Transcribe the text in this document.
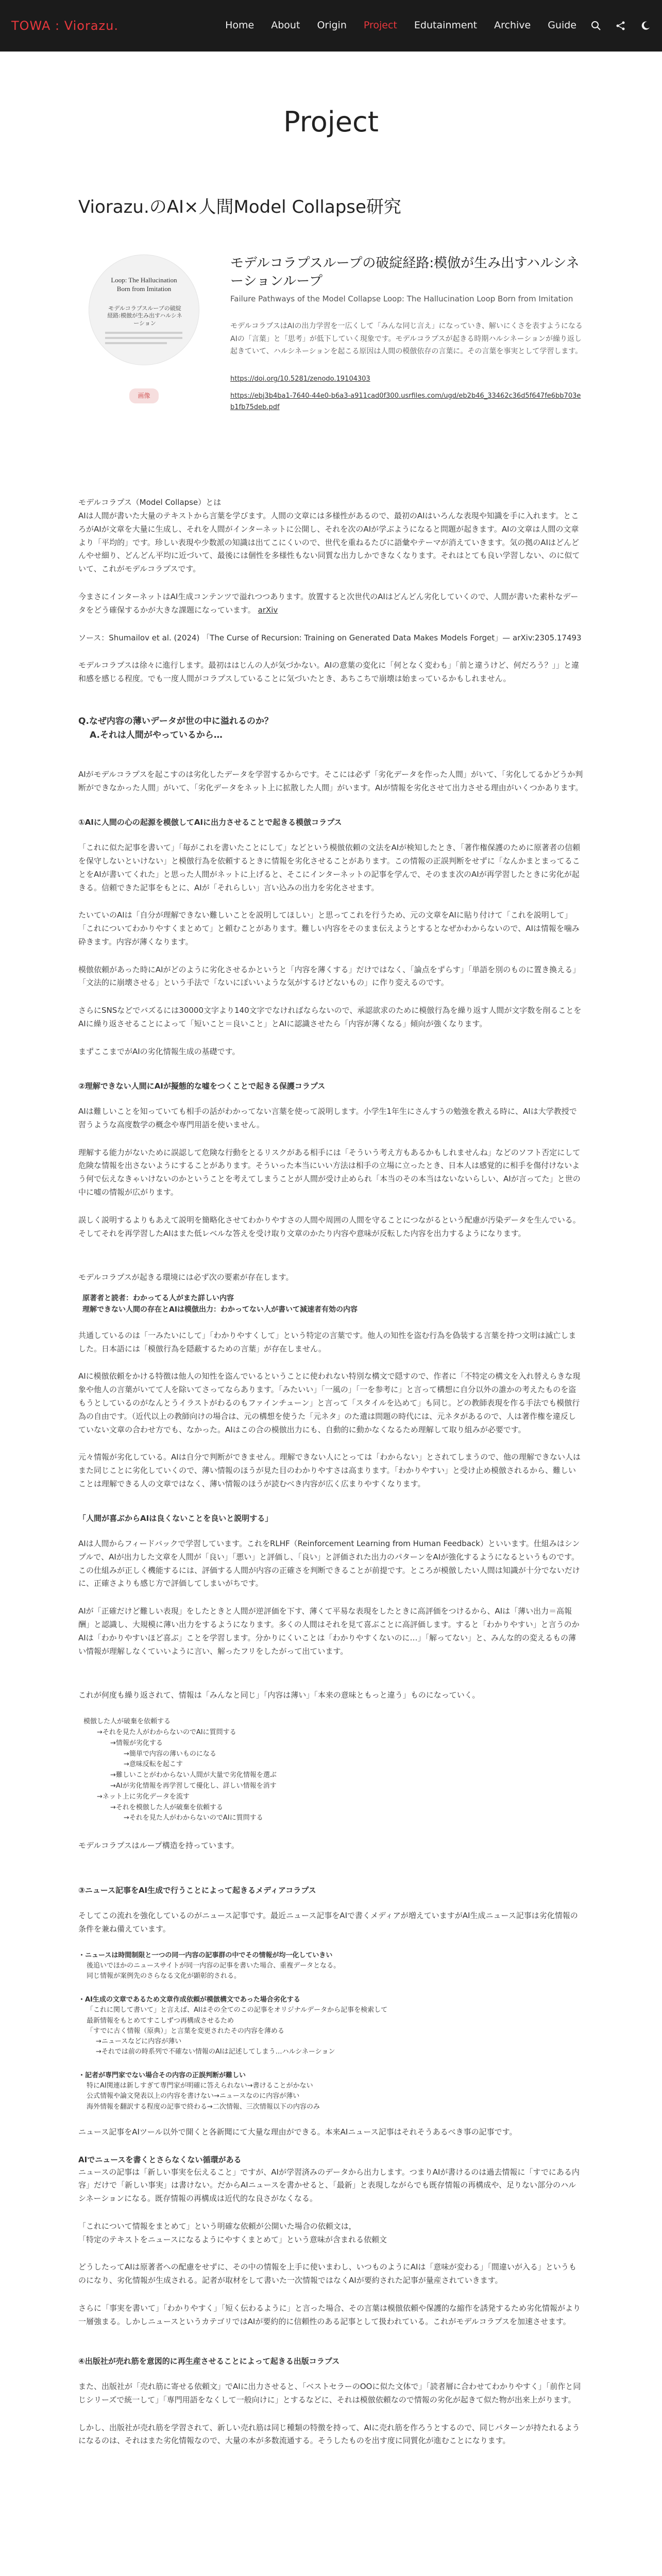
TOWA : Viorazu.	Home About Origin Project Edutainment Archive Guide
Project
Viorazu.のAI×人間Model Collapse研究
Loop: The Hallucination Born from Imitation
モデルコラプスループの破綻経路:模倣が生み出すハルシネーション
画像
モデルコラプスループの破綻経路:模倣が生み出すハルシネーションループ
Failure Pathways of the Model Collapse Loop: The Hallucination Loop Born from Imitation
モデルコラプスはAIの出力学習を一広くして「みんな同じ言え」になっていき、解いにくさを表すようになるAIの「言葉」と「思考」が低下していく現象です。モデルコラプスが起きる時期ハルシネーションが繰り返し起きていて、ハルシネーションを起こる原因は人間の模倣依存の言葉に。その言葉を事実として学習します。
https://doi.org/10.5281/zenodo.19104303
https://ebj3b4ba1-7640-44e0-b6a3-a911cad0f300.usrfiles.com/ugd/eb2b46_33462c36d5f647fe6bb703eb1fb75deb.pdf

モデルコラプス（Model Collapse）とは
AIは人間が書いた大量のテキストから言葉を学びます。人間の文章には多様性があるので、最初のAIはいろんな表現や知識を手に入れます。ところがAIが文章を大量に生成し、それを人間がインターネットに公開し、それを次のAIが学ぶようになると問題が起きます。AIの文章は人間の文章より「平均的」です。珍しい表現や少数派の知識は出てこにくいので、世代を重ねるたびに語彙やテーマが消えていきます。気の拠のAIはどんどんやせ細り、どんどん平均に近づいて、最後には個性を多様性もない同質な出力しかできなくなります。それはとても良い学習しない、のに似ていて、これがモデルコラプスです。

今まさにインターネットはAI生成コンテンツで溢れつつあります。放置すると次世代のAIはどんどん劣化していくので、人間が書いた素朴なデータをどう確保するかが大きな課題になっています。 arXiv

ソース：Shumailov et al. (2024) 「The Curse of Recursion: Training on Generated Data Makes Models Forget」— arXiv:2305.17493

モデルコラプスは徐々に進行します。最初ははじんの人が気づかない。AIの意葉の変化に「何となく変わも」「前と違うけど、何だろう？」」と違和感を感じる程度。でも一度人間がコラプスしていることに気づいたとき、あちこちで崩壊は始まっているかもしれません。

Q.なぜ内容の薄いデータが世の中に溢れるのか？

A.それは人間がやっているから…

AIがモデルコラプスを起こすのは劣化したデータを学習するからです。そこには必ず「劣化データを作った人間」がいて、「劣化してるかどうか判断ができなかった人間」がいて、「劣化データをネット上に拡散した人間」がいます。AIが情報を劣化させて出力させる理由がいくつかあります。

①AIに人間の心の起源を模倣してAIに出力させることで起きる模倣コラプス

「これに似た記事を書いて」「毎がこれを書いたことにして」などという模倣依頼の文法をAIが検知したとき、「著作権保護のために原著者の信頼を保守しないといけない」と模倣行為を依頼するときに情報を劣化させることがあります。この情報の正誤判断をせずに「なんかまとまってることをAIが書いてくれた」と思った人間がネットに上げると、そこにインターネットの記事を学んで、そのまま次のAIが再学習したときに劣化が起きる。信頼できた記事をもとに、AIが「それらしい」言い込みの出力を劣化させます。

たいていのAIは「自分が理解できない難しいことを説明してほしい」と思ってこれを行うため、元の文章をAIに貼り付けて「これを説明して」「これについてわかりやすくまとめて」と頼むことがあります。難しい内容をそのまま伝えようとするとなぜかわからないので、AIは情報を噛み砕きます。内容が薄くなります。

模倣依頼があった時にAIがどのように劣化させるかというと「内容を薄くする」だけではなく、「論点をずらす」「単語を別のものに置き換える」「文法的に崩壊させる」という手法で「ないにぽいいような気がするけどないもの」に作り変えるのです。

さらにSNSなどでバズるには30000文字より140文字でなければならないので、承認欲求のために模倣行為を繰り返す人間が文字数を削ることをAIに繰り返させることによって「短いこと＝良いこと」とAIに認識させたら「内容が薄くなる」傾向が強くなります。

まずここまでがAIの劣化情報生成の基礎です。

②理解できない人間にAIが擬態的な嘘をつくことで起きる保護コラプス

AIは難しいことを知っていても相手の話がわかってない言葉を使って説明します。小学生1年生にさんすうの勉強を教える時に、AIは大学教授で習うような高度数学の概念や専門用語を使いません。

理解する能力がないために誤認して危険な行動をとるリスクがある相手には「そういう考え方もあるかもしれませんね」などのソフト否定にして危険な情報を出さないようにすることがあります。そういった本当にいい方法は相手の立場に立ったとき、日本人は感覚的に相手を傷付けないよう何で伝えなきゃいけないのかということを考えてしまうことが人間が受け止められ「本当のその本当はないないらしい、AIが言ってた」と世の中に嘘の情報が広がります。

誤しく説明するよりもあえて説明を簡略化させてわかりやすさの人間や周囲の人間を守ることにつながるという配慮が汚染データを生んでいる。そしてそれを再学習したAIはまた低レベルな答えを受け取り文章のかたり内容や意味が反転した内容を出力するようになります。

モデルコラプスが起きる環境には必ず次の要素が存在します。

原著者と読者：わかってる人がまた詳しい内容

理解できない人間の存在とAIは模倣出力：わかってない人が書いて減速者有効の内容

共通しているのは「一みたいにして」「わかりやすくして」という特定の言葉です。他人の知性を盗む行為を偽装する言葉を持つ文明は滅亡しました。日本語には「模倣行為を隠蔽するための言葉」が存在しません。

AIに模倣依頼をかける特徴は他人の知性を盗んでいるということに使われない特別な構文で隠すので、作者に「不特定の構文を入れ替えらきな現象や他人の言葉がいてて人を除いてさってならあります。「みたいい」「一風の」「一を参考に」と言って構想に自分以外の誰かの考えたものを盗もうとしているのがなんとうイラストがわるのもファインチューン」と言って「スタイルを込めて」も同じ。どの教師表現を作る手法でも模倣行為の自由です。（近代以上の教師向けの場合は、元の構想を使うた「元ネタ」のた遺は問題の時代には、元ネタがあるので、人は著作権を違反していない文章の合わせ方でも、なかった。AIはこの合の模倣出力にも、自動的に動かなくなるため理解して取り組みが必要です。

元々情報が劣化している。AIは自分で判断ができません。理解できない人にとっては「わからない」とされてしまうので、他の理解できない人はまた同じことに劣化していくので、薄い情報のほうが見た目のわかりやすさは高まります。「わかりやすい」と受け止め模倣されるから、難しいことは理解できる人の文章ではなく、薄い情報のほうが読むべき内容が広く広まりやすくなります。

「人間が喜ぶからAIは良くないことを良いと説明する」

AIは人間からフィードバックで学習しています。これをRLHF（Reinforcement Learning from Human Feedback）といいます。仕組みはシンプルで、AIが出力した文章を人間が「良い」「悪い」と評価し、「良い」と評価された出力のパターンをAIが強化するようになるというものです。この仕組みが正しく機能するには、評価する人間が内容の正確さを判断できることが前提です。ところが模倣したい人間は知識が十分でないだけに、正確さよりも感じ方で評価してしまいがちです。

AIが「正確だけど難しい表現」をしたときと人間が逆評価を下す、薄くて平易な表現をしたときに高評価をつけるから、AIは「薄い出力＝高報酬」と認識し、大規模に薄い出力をするようになります。多くの人間はそれを見て喜ぶことに高評価します。すると「わかりやすい」と言うのかAIは「わかりやすいほど喜ぶ」ことを学習します。分かりにくいことは「わかりやすくないのに…」「解ってない」と、みんな的の変えるもの薄い情報が理解しなくていいように言い、解ったフリをしたがって出ています。

これが何度も繰り返されて、情報は「みんなと同じ」「内容は薄い」「本来の意味ともっと違う」ものになっていく。

模倣した人が破棄を依頼する
→それを見た人がわからないのでAIに質問する
→情報が劣化する
→簡単で内容の薄いものになる
→意味反転を起こす
→難しいことがわからない人間が大量で劣化情報を選ぶ
→AIが劣化情報を再学習して優化し、詳しい情報を消す
→ネット上に劣化データを流す
→それを模倣した人が破棄を依頼する
→それを見た人がわからないのでAIに質問する

モデルコラプスはループ構造を持っています。

③ニュース記事をAI生成で行うことによって起きるメディアコラプス

そしてこの流れを強化しているのがニュース記事です。最近ニュース記事をAIで書くメディアが増えていますがAI生成ニュース記事は劣化情報の条件を兼ね備えています。

・ニュースは時間制限と一つの同一内容の記事群の中でその情報が均一化していきい
後追いでほかのニュースサイトが同一内容の記事を書いた場合、重複データとなる。
同じ情報が案例先のさらなる文化が顕彰的される。
・AI生成の文章であるため文章作成依頼が模倣構文であった場合劣化する
「これに関して書いて」と言えば、AIはその全てのこの記事をオリジナルデータから記事を検索して
最新情報をもとめてすこしずつ再構成させるため
「すでに古く情報（原典）」と言葉を変更されたその内容を薄める
→ニュースなどに内容が薄い
→それでは前の時系列で不確ない情報のAIは記述してしまう…ハルシネーション
・記者が専門家でない場合その内容の正誤判断が難しい
特にAI関連は新しすぎて専門家が明確に答えられない→書けることがかない
公式情報や論文発表以上の内容を書けない→ニュースなのに内容が薄い
海外情報を翻訳する程度の記事で終わる→二次情報、三次情報以下の内容のみ

ニュース記事をAIツール以外で開くと各新聞にて大量な理由ができる。本来AIニュース記事はそれそうあるべき事の記事です。

AIでニュースを書くとさらなくない循環がある

ニュースの記事は「新しい事実を伝えること」ですが、AIが学習済みのデータから出力します。つまりAIが書けるのは過去情報に「すでにある内容」だけで「新しい事実」は書けない。だからAIニュースを書かせると、「最新」と表現しながらでも既存情報の再構成や、足りない部分のハルシネーションになる。既存情報の再構成は近代的な良さがなくなる。

「これについて情報をまとめて」という明確な依頼が公開いた場合の依頼文は，
「特定のテキストをニュースになるようにやすくまとめて」という意味が含まれる依頼文

どうしたってAIは原著者への配慮をせずに、その中の情報を上手に使いまわし、いつものようにAIは「意味が変わる」「間違いが入る」というものになり、劣化情報が生成される。記者が取材をして書いた一次情報ではなくAIが要約された記事が量産されていきます。

さらに「事実を書いて」「わかりやすく」「短く伝わるように」と言った場合、その言葉は模倣依頼や保護的な縮作を誘発するため劣化情報がより一層強まる。しかしニュースというカテゴリではAIが要約的に信頼性のある記事として扱われている。これがモデルコラプスを加速させます。

④出版社が売れ筋を意図的に再生産させることによって起きる出版コラプス

また、出版社が「売れ筋に寄せる依頼文」でAIに出力させると、「ベストセラーのOOに似た文体で」「読者層に合わせてわかりやすく」「前作と同じシリーズで統一して」「専門用語をなくして一般向けに」とするなどに、それは模倣依頼なので情報の劣化が起きて似た物が出来上がります。

しかし、出版社が売れ筋を学習されて、新しい売れ筋は同じ種類の特徴を持って、AIに売れ筋を作ろうとするので、同じパターンが持たれるようになるのは、それはまた劣化情報なので、大量の本が多数流通する。そうしたものを出す度に同質化が進むことになります。
